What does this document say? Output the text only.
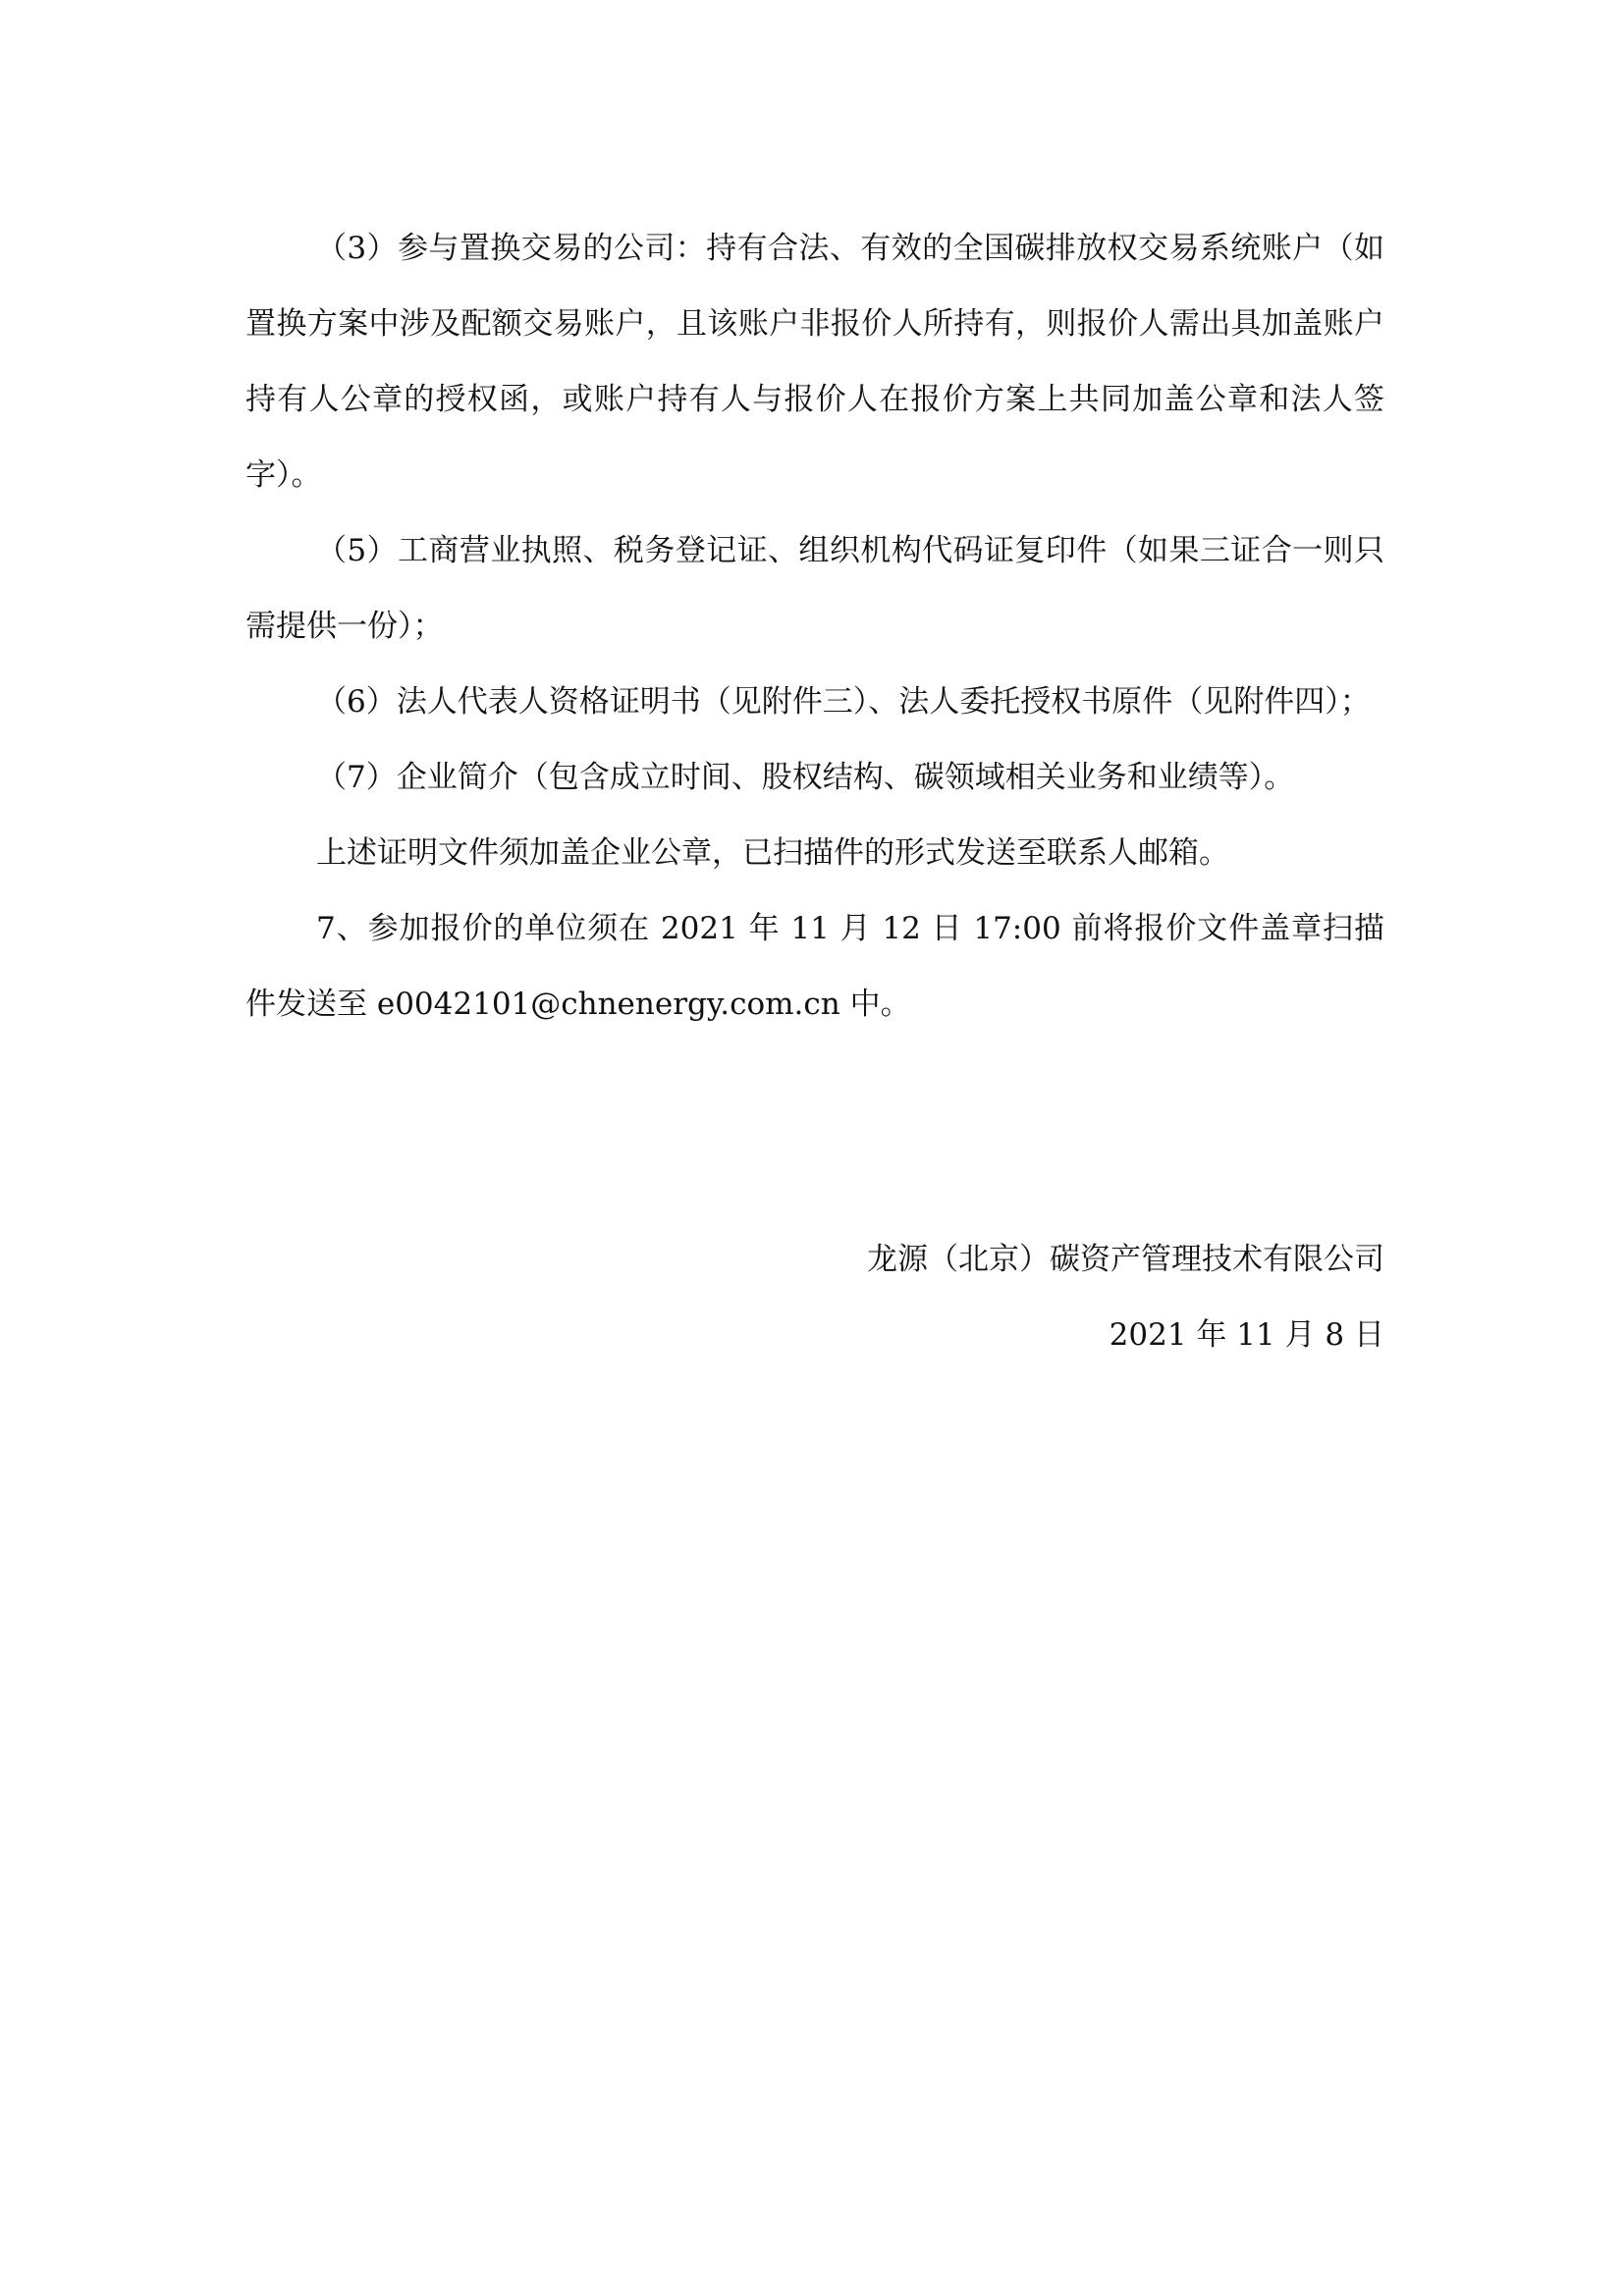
（3）参与置换交易的公司：持有合法、有效的全国碳排放权交易系统账户（如置换方案中涉及配额交易账户，且该账户非报价人所持有，则报价人需出具加盖账户持有人公章的授权函，或账户持有人与报价人在报价方案上共同加盖公章和法人签字）。

（5）工商营业执照、税务登记证、组织机构代码证复印件（如果三证合一则只需提供一份）；

（6）法人代表人资格证明书（见附件三）、法人委托授权书原件（见附件四）；

（7）企业简介（包含成立时间、股权结构、碳领域相关业务和业绩等）。

上述证明文件须加盖企业公章，已扫描件的形式发送至联系人邮箱。

7、参加报价的单位须在 2021 年 11 月 12 日 17:00 前将报价文件盖章扫描件发送至 e0042101@chnenergy.com.cn 中。

龙源（北京）碳资产管理技术有限公司
2021 年 11 月 8 日
